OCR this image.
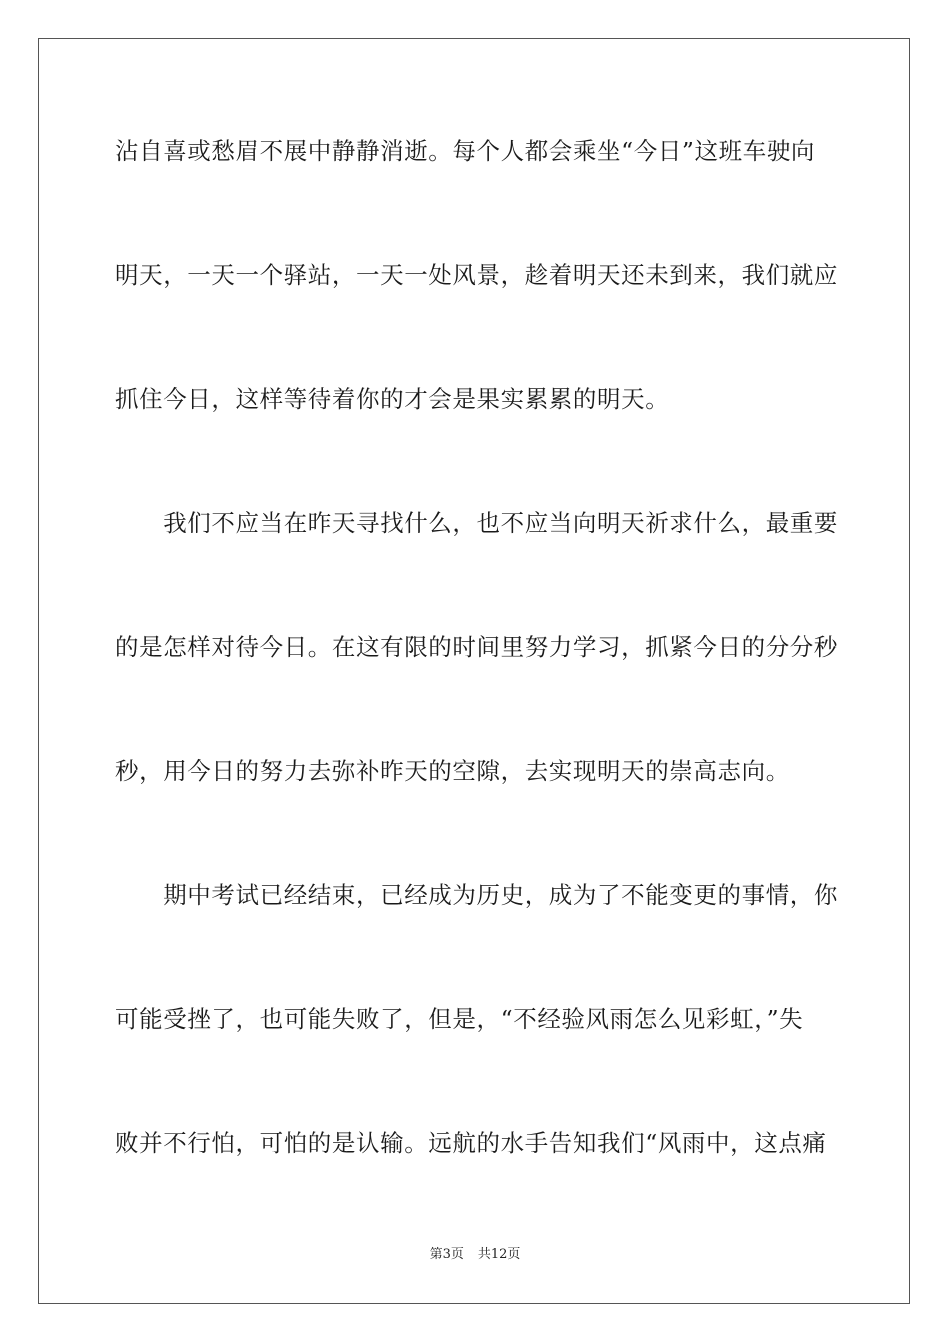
沾自喜或愁眉不展中静静消逝。每个人都会乘坐“今日”这班车驶向
明天，一天一个驿站，一天一处风景，趁着明天还未到来，我们就应
抓住今日，这样等待着你的才会是果实累累的明天。
　　我们不应当在昨天寻找什么，也不应当向明天祈求什么，最重要
的是怎样对待今日。在这有限的时间里努力学习，抓紧今日的分分秒
秒，用今日的努力去弥补昨天的空隙，去实现明天的崇高志向。
　　期中考试已经结束，已经成为历史，成为了不能变更的事情，你
可能受挫了，也可能失败了，但是，“不经验风雨怎么见彩虹，”失
败并不行怕，可怕的是认输。远航的水手告知我们“风雨中，这点痛
第3页 共12页
